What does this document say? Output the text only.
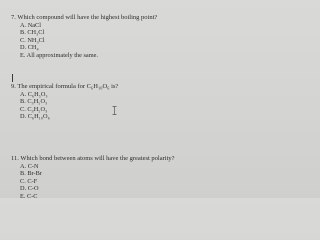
7. Which compound will have the highest boiling point?
A. NaCl
B. CH₃Cl
C. NH₃Cl
D. CH₄
E. All approximately the same.
9. The empirical formula for C₆H₁₀O₆ is?
A. C₆H₅O₃
B. C₃H₅O₃
C. C₃H₅O₃
D. C₆H₁₀O₆
11. Which bond between atoms will have the greatest polarity?
A. C-N
B. Br-Br
C. C-F
D. C-O
E. C-C
